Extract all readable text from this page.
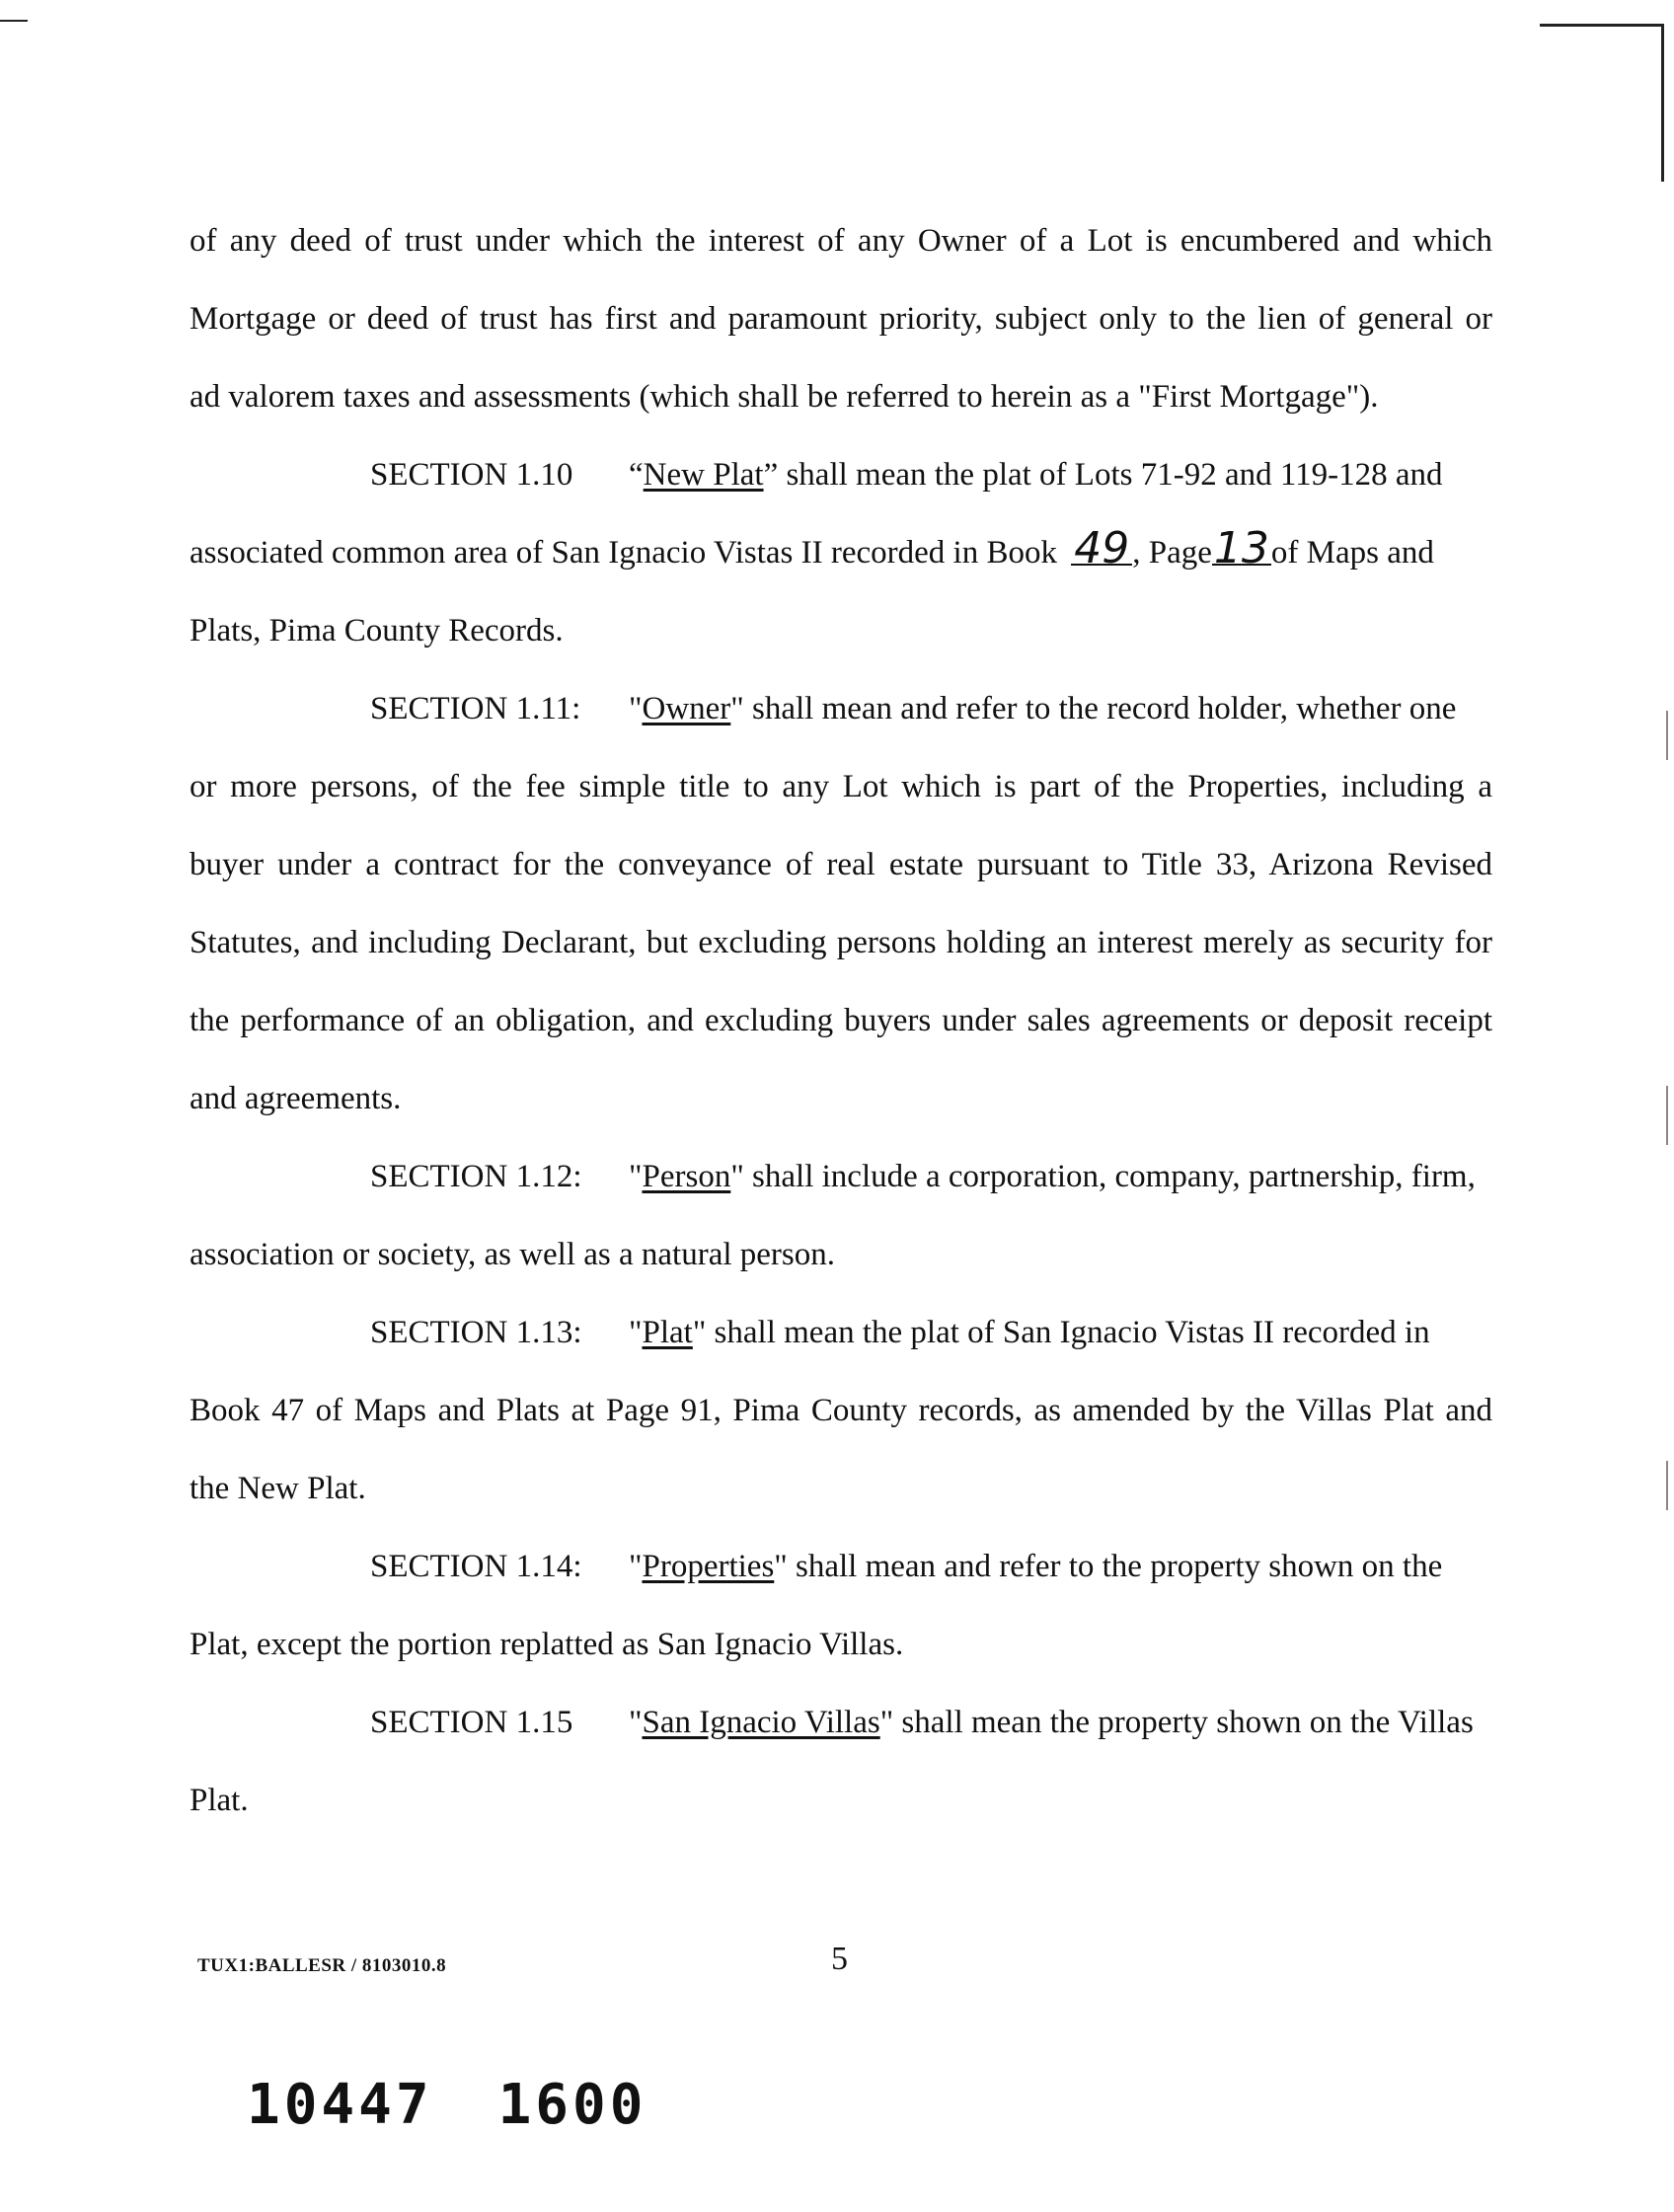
of any deed of trust under which the interest of any Owner of a Lot is encumbered and which
Mortgage or deed of trust has first and paramount priority, subject only to the lien of general or
ad valorem taxes and assessments (which shall be referred to herein as a "First Mortgage").
SECTION 1.10 “New Plat” shall mean the plat of Lots 71-92 and 119-128 and
associated common area of San Ignacio Vistas II recorded in Book 49, Page13of Maps and
Plats, Pima County Records.
SECTION 1.11: "Owner" shall mean and refer to the record holder, whether one
or more persons, of the fee simple title to any Lot which is part of the Properties, including a
buyer under a contract for the conveyance of real estate pursuant to Title 33, Arizona Revised
Statutes, and including Declarant, but excluding persons holding an interest merely as security for
the performance of an obligation, and excluding buyers under sales agreements or deposit receipt
and agreements.
SECTION 1.12: "Person" shall include a corporation, company, partnership, firm,
association or society, as well as a natural person.
SECTION 1.13: "Plat" shall mean the plat of San Ignacio Vistas II recorded in
Book 47 of Maps and Plats at Page 91, Pima County records, as amended by the Villas Plat and
the New Plat.
SECTION 1.14: "Properties" shall mean and refer to the property shown on the
Plat, except the portion replatted as San Ignacio Villas.
SECTION 1.15 "San Ignacio Villas" shall mean the property shown on the Villas
Plat.
TUX1:BALLESR / 8103010.8	5
10447 1600
